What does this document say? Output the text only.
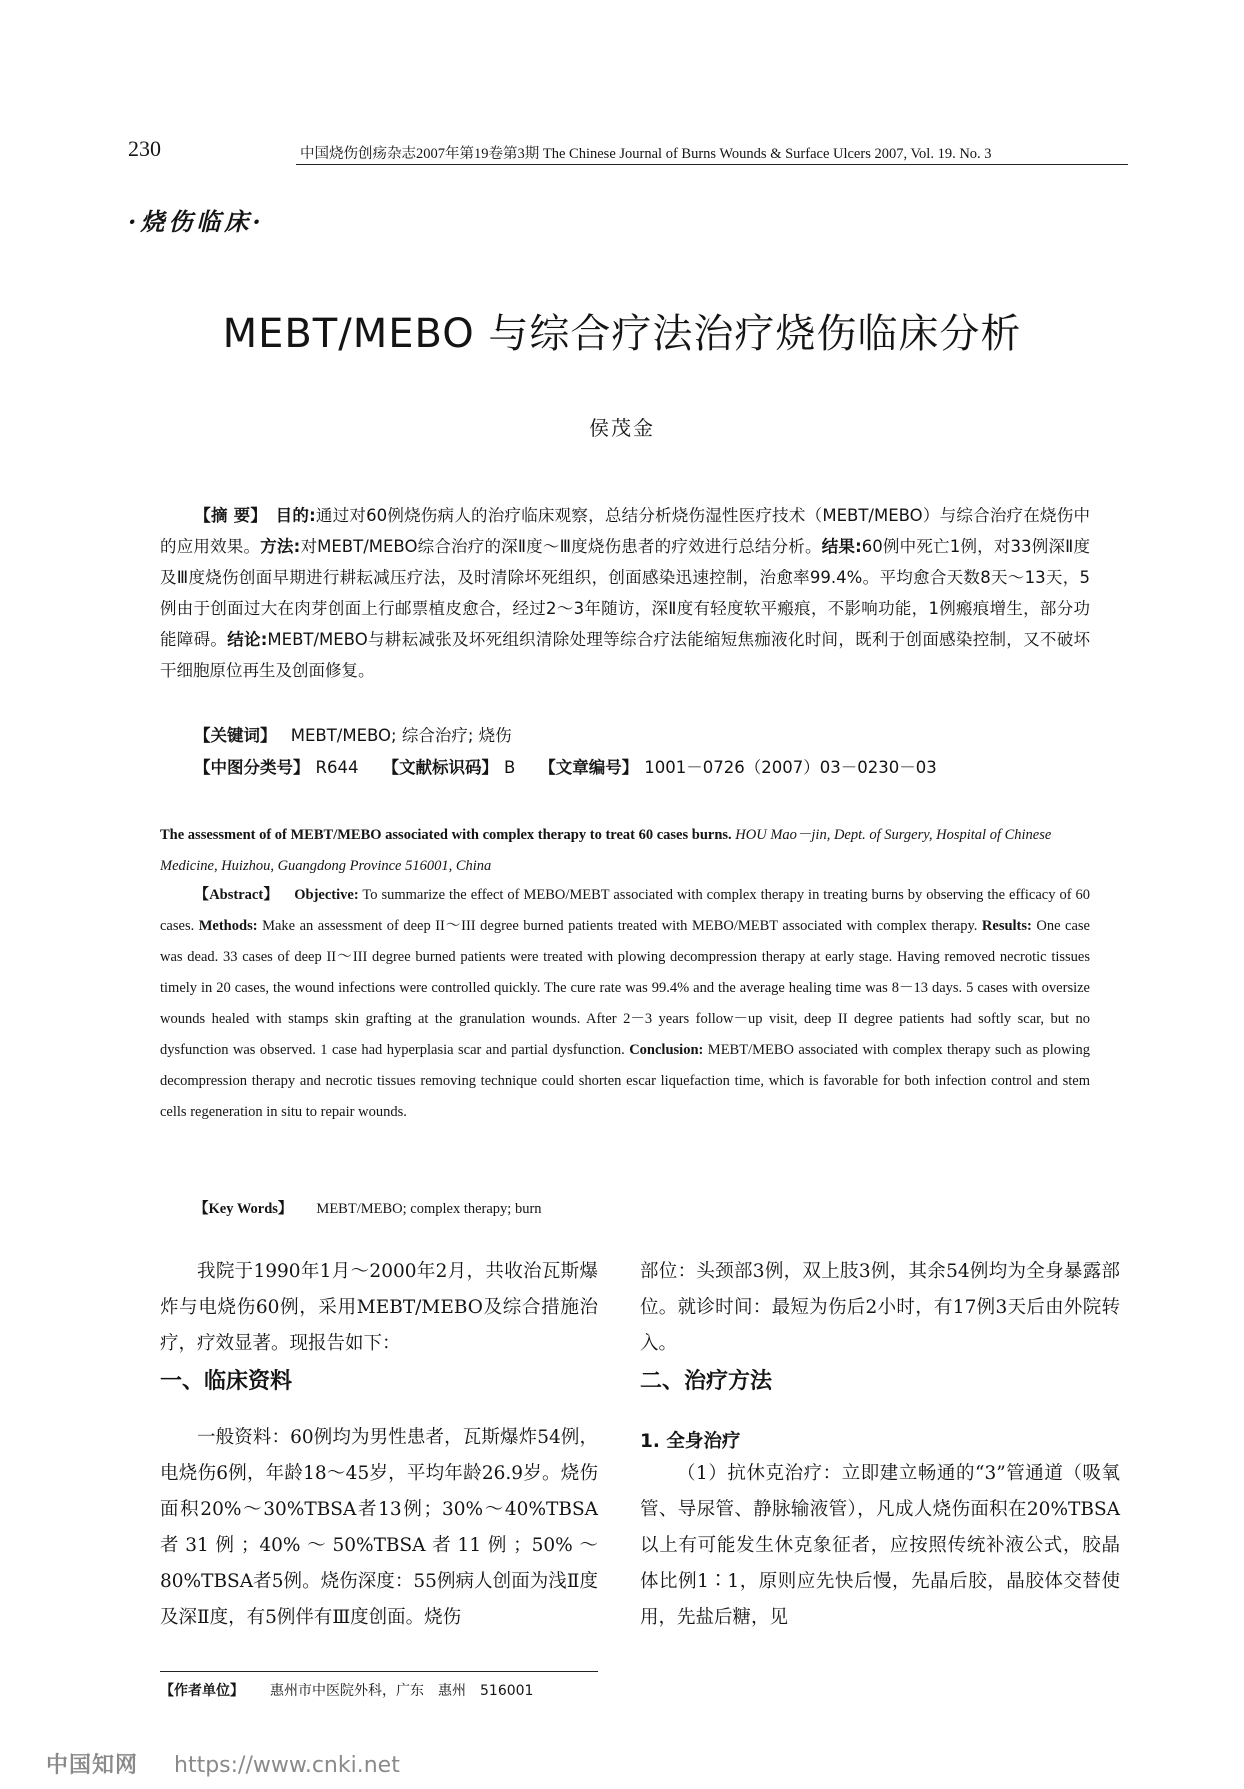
230	中国烧伤创疡杂志2007年第19卷第3期 The Chinese Journal of Burns Wounds & Surface Ulcers 2007, Vol. 19. No. 3
·烧伤临床·
MEBT/MEBO 与综合疗法治疗烧伤临床分析
侯茂金
【摘 要】　 目的:通过对60例烧伤病人的治疗临床观察，总结分析烧伤湿性医疗技术（MEBT/MEBO）与综合治疗在烧伤中的应用效果。方法:对MEBT/MEBO综合治疗的深Ⅱ度～Ⅲ度烧伤患者的疗效进行总结分析。结果:60例中死亡1例，对33例深Ⅱ度及Ⅲ度烧伤创面早期进行耕耘减压疗法，及时清除坏死组织，创面感染迅速控制，治愈率99.4%。平均愈合天数8天～13天，5例由于创面过大在肉芽创面上行邮票植皮愈合，经过2～3年随访，深Ⅱ度有轻度软平瘢痕，不影响功能，1例瘢痕增生，部分功能障碍。结论:MEBT/MEBO与耕耘减张及坏死组织清除处理等综合疗法能缩短焦痂液化时间，既利于创面感染控制，又不破坏干细胞原位再生及创面修复。
【关键词】　 MEBT/MEBO; 综合治疗; 烧伤
【中图分类号】 R644 【文献标识码】 B 【文章编号】 1001－0726（2007）03－0230－03
The assessment of of MEBT/MEBO associated with complex therapy to treat 60 cases burns. HOU Mao－jin, Dept. of Surgery, Hospital of Chinese Medicine, Huizhou, Guangdong Province 516001, China
【Abstract】 Objective: To summarize the effect of MEBO/MEBT associated with complex therapy in treating burns by observing the efficacy of 60 cases. Methods: Make an assessment of deep II～III degree burned patients treated with MEBO/MEBT associated with complex therapy. Results: One case was dead. 33 cases of deep II～III degree burned patients were treated with plowing decompression therapy at early stage. Having removed necrotic tissues timely in 20 cases, the wound infections were controlled quickly. The cure rate was 99.4% and the average healing time was 8－13 days. 5 cases with oversize wounds healed with stamps skin grafting at the granulation wounds. After 2－3 years follow－up visit, deep II degree patients had softly scar, but no dysfunction was observed. 1 case had hyperplasia scar and partial dysfunction. Conclusion: MEBT/MEBO associated with complex therapy such as plowing decompression therapy and necrotic tissues removing technique could shorten escar liquefaction time, which is favorable for both infection control and stem cells regeneration in situ to repair wounds.
【Key Words】 MEBT/MEBO; complex therapy; burn
我院于1990年1月～2000年2月，共收治瓦斯爆炸与电烧伤60例，采用MEBT/MEBO及综合措施治疗，疗效显著。现报告如下：
一、临床资料
一般资料：60例均为男性患者，瓦斯爆炸54例，电烧伤6例，年龄18～45岁，平均年龄26.9岁。烧伤面积20%～30%TBSA者13例；30%～40%TBSA者31例；40%～50%TBSA者11例；50%～80%TBSA者5例。烧伤深度：55例病人创面为浅Ⅱ度及深Ⅱ度，有5例伴有Ⅲ度创面。烧伤
部位：头颈部3例，双上肢3例，其余54例均为全身暴露部位。就诊时间：最短为伤后2小时，有17例3天后由外院转入。
二、治疗方法
1. 全身治疗
（1）抗休克治疗：立即建立畅通的“3”管通道（吸氧管、导尿管、静脉输液管），凡成人烧伤面积在20%TBSA以上有可能发生休克象征者，应按照传统补液公式，胶晶体比例1∶1，原则应先快后慢，先晶后胶，晶胶体交替使用，先盐后糖，见
【作者单位】 惠州市中医院外科，广东　惠州　516001
中国知网 https://www.cnki.net
